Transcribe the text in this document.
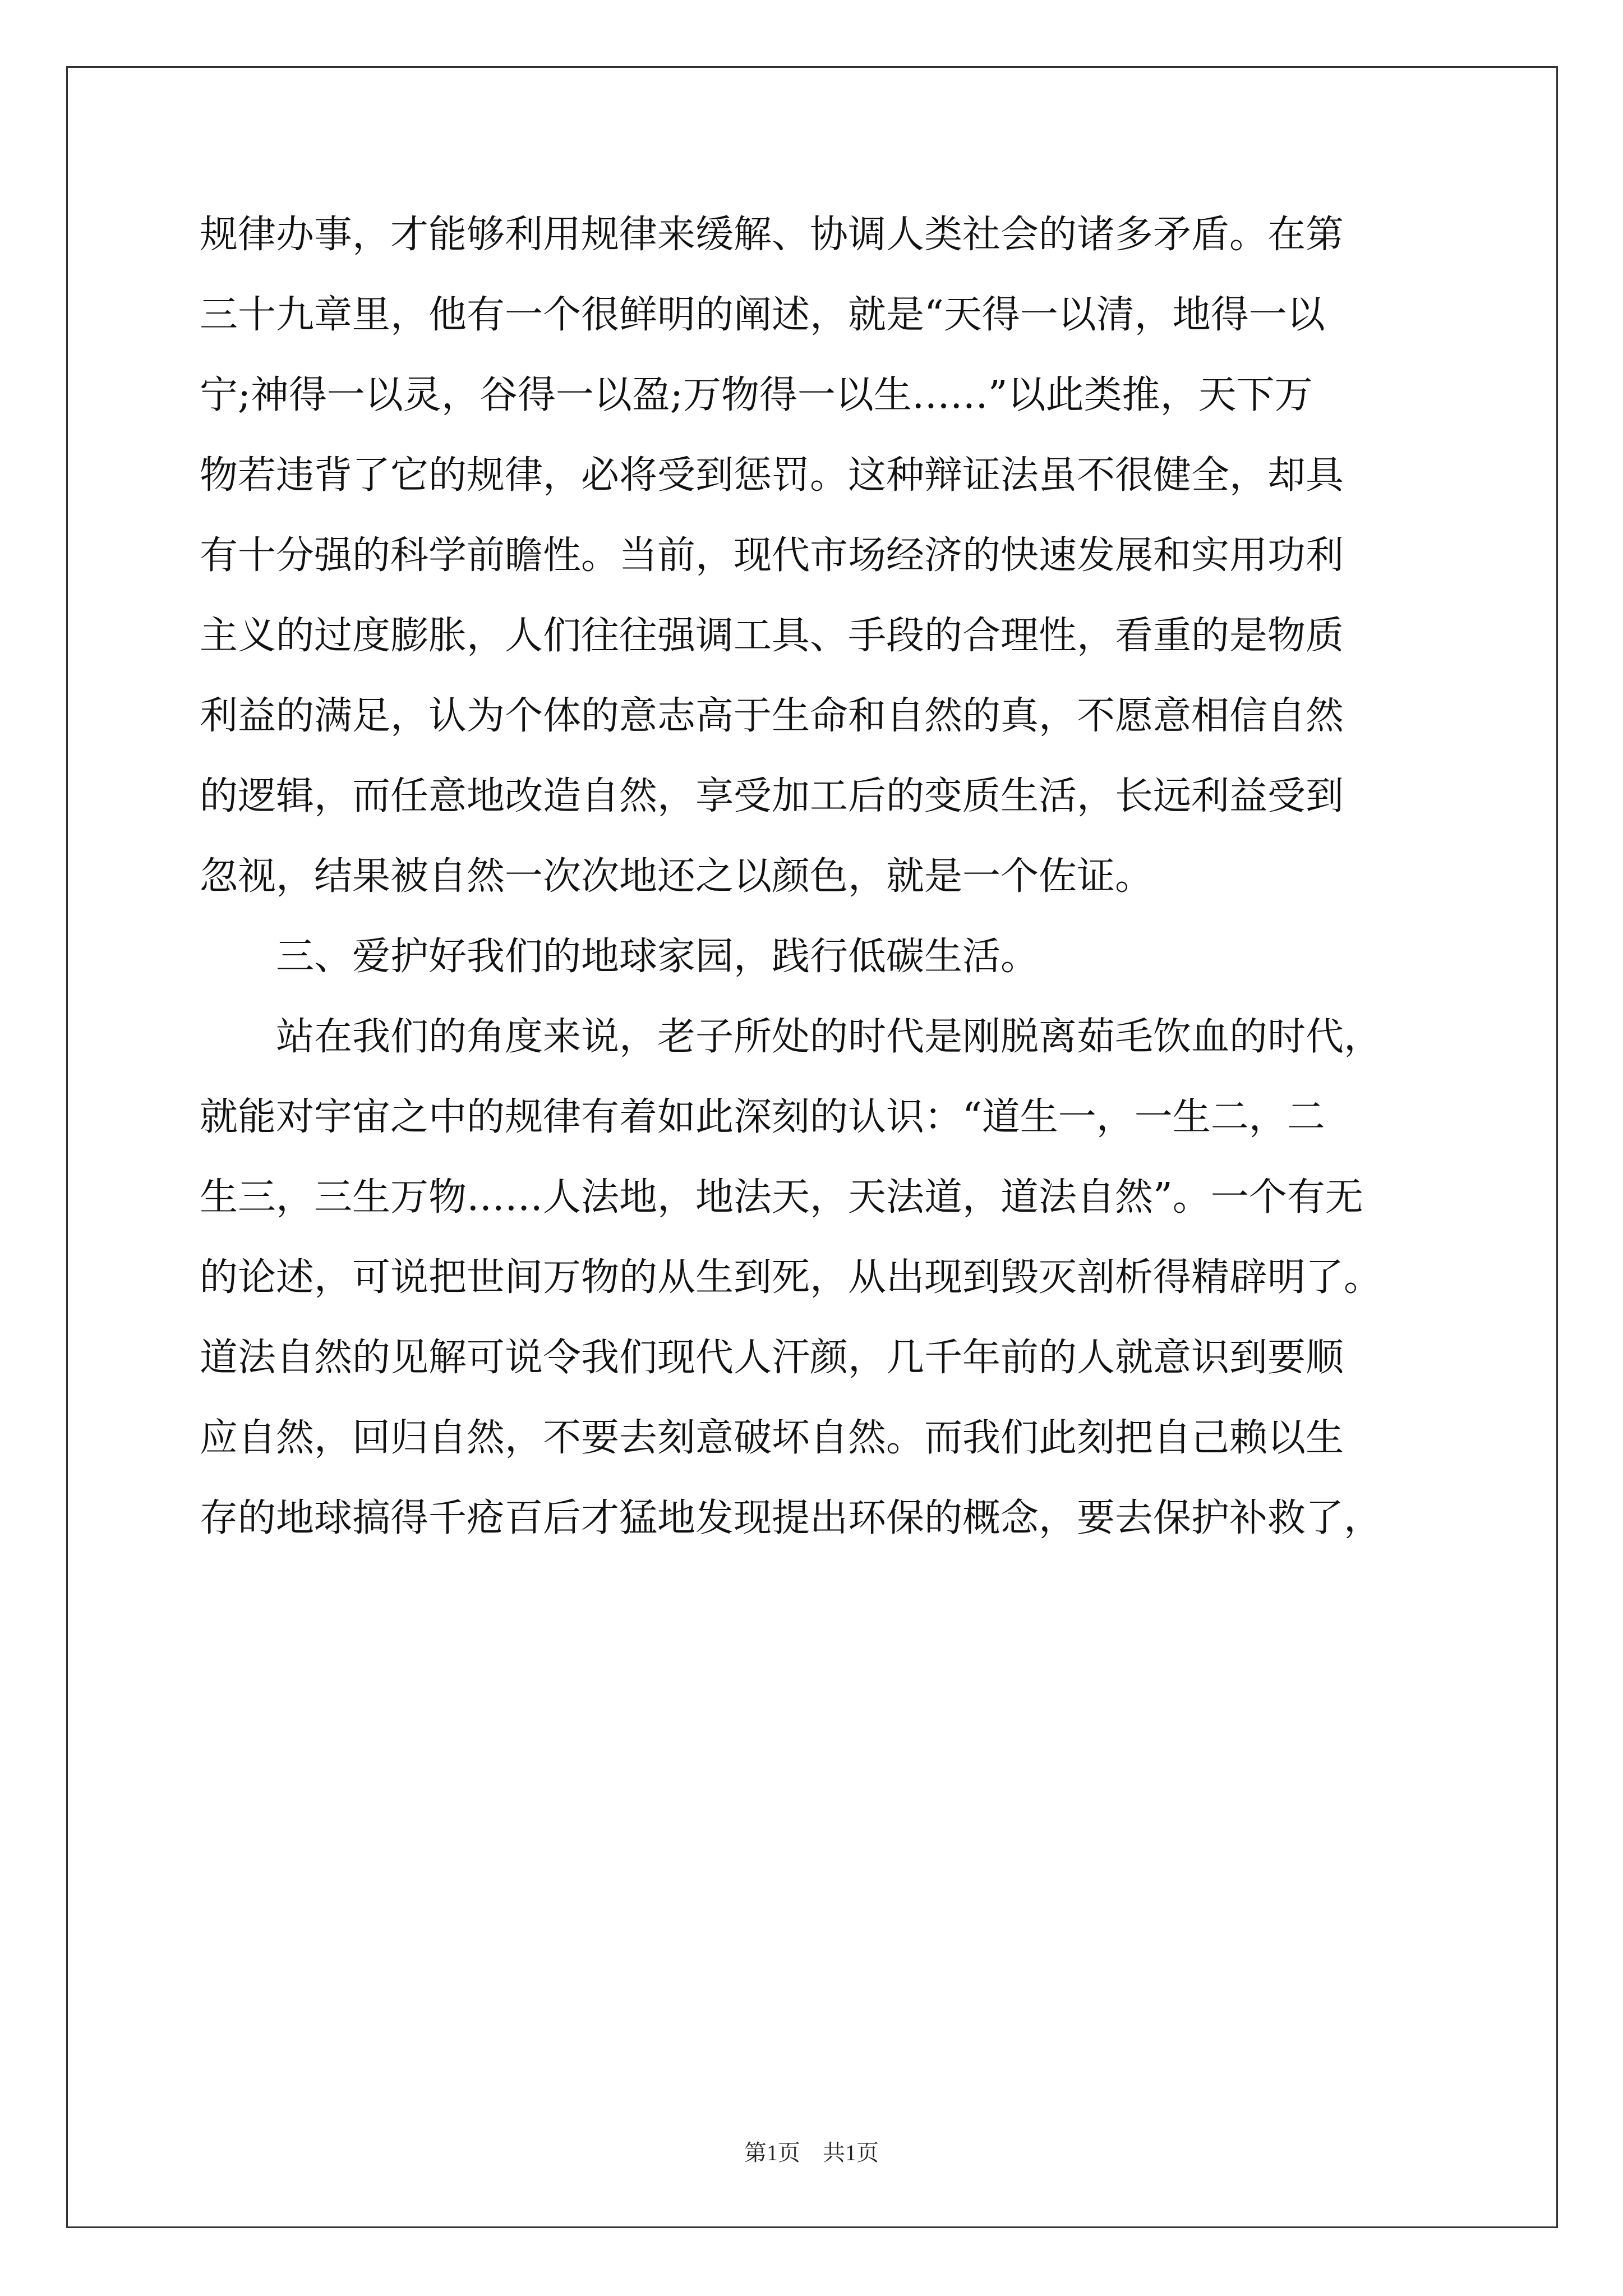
规律办事，才能够利用规律来缓解、协调人类社会的诸多矛盾。在第
三十九章里，他有一个很鲜明的阐述，就是“天得一以清，地得一以
宁;神得一以灵，谷得一以盈;万物得一以生……”以此类推，天下万
物若违背了它的规律，必将受到惩罚。这种辩证法虽不很健全，却具
有十分强的科学前瞻性。当前，现代市场经济的快速发展和实用功利
主义的过度膨胀，人们往往强调工具、手段的合理性，看重的是物质
利益的满足，认为个体的意志高于生命和自然的真，不愿意相信自然
的逻辑，而任意地改造自然，享受加工后的变质生活，长远利益受到
忽视，结果被自然一次次地还之以颜色，就是一个佐证。
　　三、爱护好我们的地球家园，践行低碳生活。
　　站在我们的角度来说，老子所处的时代是刚脱离茹毛饮血的时代，
就能对宇宙之中的规律有着如此深刻的认识：“道生一，一生二，二
生三，三生万物……人法地，地法天，天法道，道法自然”。一个有无
的论述，可说把世间万物的从生到死，从出现到毁灭剖析得精辟明了。
道法自然的见解可说令我们现代人汗颜，几千年前的人就意识到要顺
应自然，回归自然，不要去刻意破坏自然。而我们此刻把自己赖以生
存的地球搞得千疮百后才猛地发现提出环保的概念，要去保护补救了，
第1页　共1页
